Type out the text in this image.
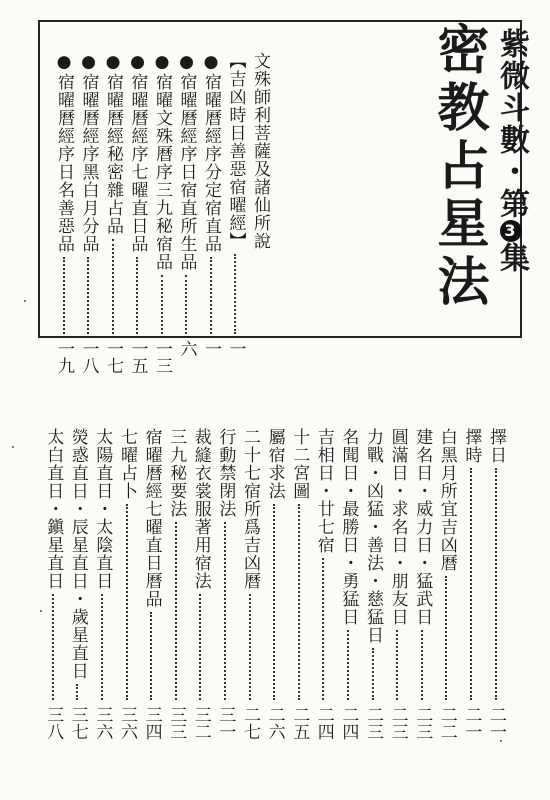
紫微斗數・第3集
密教占星法
文殊師利菩薩及諸仙所說
【吉凶時日善惡宿曜經】
一
●宿曜曆經序分定宿直品
一
●宿曜曆經序日宿直所生品
六
●宿曜文殊曆序三九秘宿品
一三
●宿曜曆經序七曜直日品
一五
●宿曜曆經秘密雜占品
一七
●宿曜曆經序黑白月分品
一八
●宿曜曆經序日名善惡品
一九
擇日
二一
擇時
二一
白黑月所宜吉凶曆
二二
建名日・威力日・猛武日
二三
圓滿日・求名日・朋友日
二三
力戰・凶猛・善法・慈猛日
二三
名聞日・最勝日・勇猛日
二四
吉相日・廿七宿
二四
十二宮圖
二五
屬宿求法
二六
二十七宿所爲吉凶曆
二七
行動禁閉法
三一
裁縫衣裳服著用宿法
三二
三九秘要法
三三
宿曜曆經七曜直日曆品
三四
七曜占卜
三六
太陽直日・太陰直日
三六
熒惑直日・辰星直日・歲星直日
三七
太白直日・鎭星直日
三八
